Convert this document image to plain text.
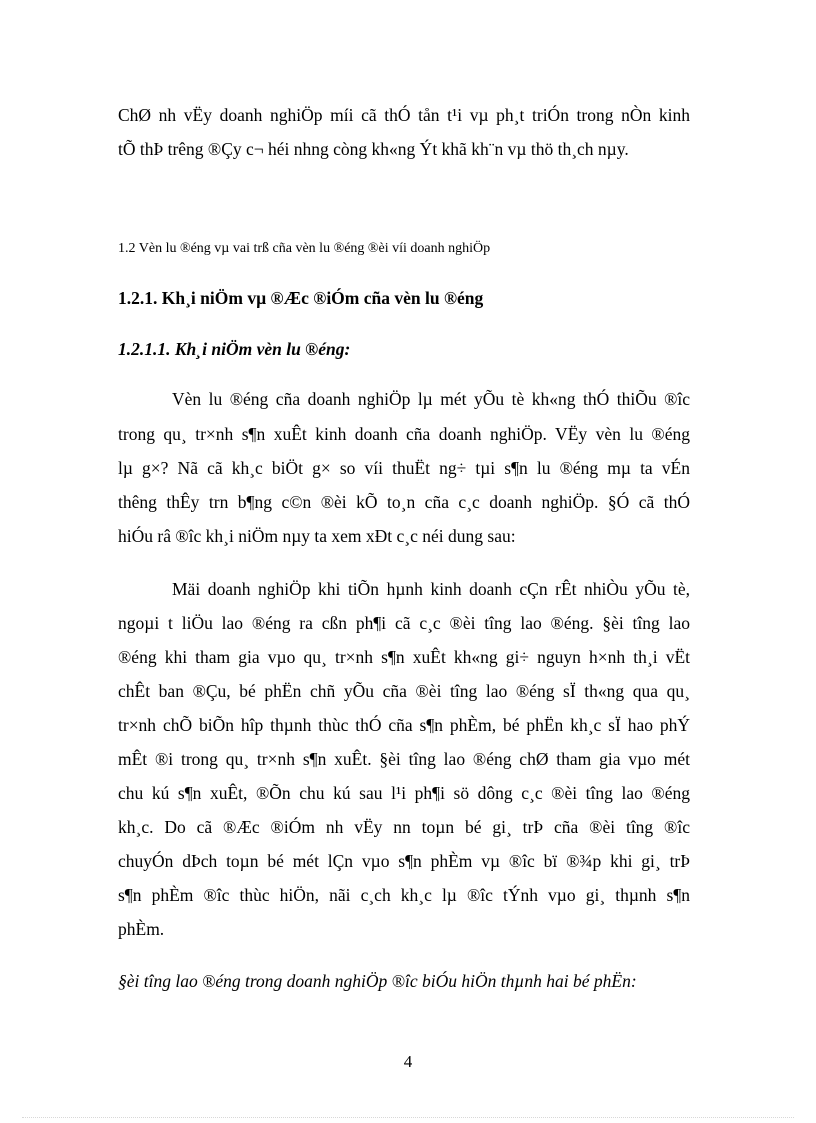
ChØ nh vËy doanh nghiÖp míi cã thÓ tån t¹i vµ ph¸t triÓn trong nÒn kinh
tÕ thÞ trêng ®Çy c¬ héi nhng còng kh«ng Ýt khã kh¨n vµ thö th¸ch nµy.
1.2 Vèn lu ®éng vµ vai trß cña vèn lu ®éng ®èi víi doanh nghiÖp
1.2.1. Kh¸i niÖm vµ ®Æc ®iÓm cña vèn lu ®éng
1.2.1.1. Kh¸i niÖm vèn lu ®éng:
Vèn lu ®éng cña doanh nghiÖp lµ mét yÕu tè kh«ng thÓ thiÕu ®îc
trong qu¸ tr×nh s¶n xuÊt kinh doanh cña doanh nghiÖp. VËy vèn lu ®éng
lµ g×? Nã cã kh¸c biÖt g× so víi thuËt ng÷ tµi s¶n lu ®éng mµ ta vÉn
thêng thÊy trn b¶ng c©n ®èi kÕ to¸n cña c¸c doanh nghiÖp. §Ó cã thÓ
hiÓu râ ®îc kh¸i niÖm nµy ta xem xÐt c¸c néi dung sau:
Mäi doanh nghiÖp khi tiÕn hµnh kinh doanh cÇn rÊt nhiÒu yÕu tè,
ngoµi t liÖu lao ®éng ra cßn ph¶i cã c¸c ®èi tîng lao ®éng. §èi tîng lao
®éng khi tham gia vµo qu¸ tr×nh s¶n xuÊt kh«ng gi÷ nguyn h×nh th¸i vËt
chÊt ban ®Çu, bé phËn chñ yÕu cña ®èi tîng lao ®éng sÏ th«ng qua qu¸
tr×nh chÕ biÕn hîp thµnh thùc thÓ cña s¶n phÈm, bé phËn kh¸c sÏ hao phÝ
mÊt ®i trong qu¸ tr×nh s¶n xuÊt. §èi tîng lao ®éng chØ tham gia vµo mét
chu kú s¶n xuÊt, ®Õn chu kú sau l¹i ph¶i sö dông c¸c ®èi tîng lao ®éng
kh¸c. Do cã ®Æc ®iÓm nh vËy nn toµn bé gi¸ trÞ cña ®èi tîng ®îc
chuyÓn dÞch toµn bé mét lÇn vµo s¶n phÈm vµ ®îc bï ®¾p khi gi¸ trÞ
s¶n phÈm ®îc thùc hiÖn, nãi c¸ch kh¸c lµ ®îc tÝnh vµo gi¸ thµnh s¶n
phÈm.
§èi tîng lao ®éng trong doanh nghiÖp ®îc biÓu hiÖn thµnh hai bé phËn:
4
